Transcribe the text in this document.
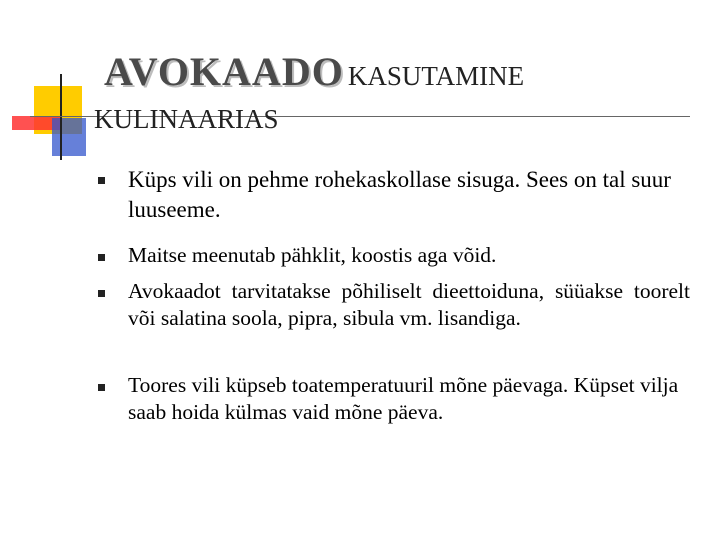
AVOKAADO KASUTAMINE
KULINAARIAS
Küps vili on pehme rohekaskollase sisuga. Sees on tal suur luuseeme.
Maitse meenutab pähklit, koostis aga võid.
Avokaadot tarvitatakse põhiliselt dieettoiduna, süüakse toorelt või salatina soola, pipra, sibula vm. lisandiga.
Toores vili küpseb toatemperatuuril mõne päevaga. Küpset vilja saab hoida külmas vaid mõne päeva.
